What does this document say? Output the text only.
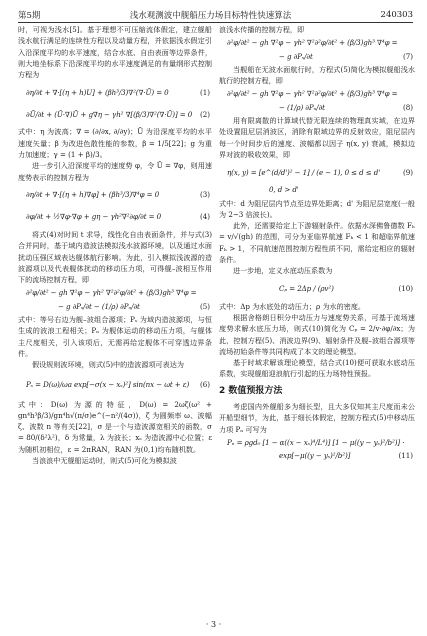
第5期	浅水观测波中舰船压力场目标特性快速算法	240303

时，可视为浅水[5]。基于理想不可压缩流体假定，建立舰船浅水航行满足的连续性方程以及动量方程，并依据浅水假定引入沿深度平均的水平速度，结合水底、自由表面等边界条件，则大地坐标系下沿深度平均的水平速度满足的有量纲形式控制方程为

∂η/∂t + ∇·[(η + h)U] + (βh³/3)∇²(∇·Ū) = 0	(1)
∂Ū/∂t + (Ū·∇)Ū + g∇η − γh² ∇[(β/3)∇²(∇·Ū)] = 0 (2)

式中：η 为波高；∇ = (∂/∂x, ∂/∂y)；Ū 为沿深度平均的水平速度矢量；β 为改进色散性能的参数，β = 1/5[22]；g 为重力加速度；γ = (1 + β)/3。

进一步引入沿深度平均的速度势 φ，令 Ū = ∇φ，则用速度势表示的控制方程为

∂η/∂t + ∇·[(η + h)∇φ] + (βh³/3)∇⁴φ = 0	(3)
∂φ/∂t + ½∇φ·∇φ + gη − γh²∇²∂φ/∂t = 0	(4)

将式(4)对时间 t 求导，线性化自由表面条件，并与式(3)合并同时，基于域内造波法模拟浅水波源环境，以及通过水面扰动压强区域表达舰体航行影响。为此，引入模拟浅波源的造波源项以及代表舰体扰动的移动压力项，可得舰–波相互作用下的流场控制方程，即

∂²φ/∂t² − gh ∇²φ − γh² ∇²∂²φ/∂t² + (β/3)gh³ ∇⁴φ =
− g ∂Pₛ/∂t − (1/ρ) ∂Pₙ/∂t	(5)

式中：等号右边为舰–波组合源项；Pₛ 为域内造波源项，与恒生成的波浪工程相关；Pₙ 为舰体运动的移动压力项，与舰体主尺度相关，引入该项后，无需再给定舰体不可穿透边界条件。

假设规则波环境，则式(5)中的造波源项可表达为

Pₛ = D(ω)/ωa exp[−σ(x − xₛ)²] sin(nx − ωt + ε) (6)

式中：D(ω) 为源的特征，D(ω) = 2ωζ(ω² + gn⁴h³β/3)/gn⁴h√(π/σ)e^(−n²/(4σ))，ζ 为圆频率 ω、波幅 ζ、波数 n 等有关[22]，σ 是一个与造波源宽相关的函数，σ = 80/(δ²λ²)，δ 为常量，λ 为波长；xₛ 为造波源中心位置；ε 为随机初相位，ε = 2πRAN，RAN 为(0,1)均布随机数。

当浪浪中无舰船运动时，则式(5)可化为模拟波

浪浅水传播的控制方程，即

∂²φ/∂t² − gh ∇²φ − γh² ∇²∂²φ/∂t² + (β/3)gh³ ∇⁴φ =
− g ∂Pₛ/∂t	(7)

当舰船在无波水面航行时，方程式(5)简化为模拟舰船浅水航行的控制方程，即

∂²φ/∂t² − gh ∇²φ − γh² ∇²∂²φ/∂t² + (β/3)gh³ ∇⁴φ =
− (1/ρ) ∂Pₙ/∂t	(8)

用有限离散的计算域代替无限连续的物理真实域，在边界处设置阻尼层消波区，消除有限域边界的反射效应，阻尼层内每一个时间步后的速度、波幅都以因子 η(x, y) 衰减，模拟边界对波的吸收效果，即

η(x, y) = [e^(d/d')² − 1] / (e − 1), 0 ≤ d ≤ d'	(9)
0, d > d'

式中：d 为阻尼层内节点至边界处距离；d' 为阻尼层宽度(一般为 2~3 倍波长)。

此外，还需要给定上下游辐射条件。依据水深佛鲁德数 Fₕ = v/√(gh) 的范围，可分为亚临界航速 Fₕ < 1 和超临界航速 Fₕ > 1，不同航速范围控制方程性质不同，需给定相应的辐射条件。

进一步地，定义水底动压系数为

Cₚ = 2Δp / (ρv²)	(10)

式中：Δp 为水底处的动压力；ρ 为水的密度。

根据舍格朗日积分中动压力与速度势关系，可基于流场速度势求解水底压力场，则式(10)简化为 Cₚ = 2/v·∂φ/∂x；为此，控制方程(5)、消波边界(9)、辐射条件及舰–波组合源项等流场初始条件等共同构成了本文的理论模型。

基于时域求解该理论模型，结合式(10)便可获取水底动压系数，实现舰船迎浪航行引起的压力场特性预报。

2 数值预报方法

考虑国内外舰船多为细长型，且大多仅知其主尺度而未公开船型细节，为此，基于细长体假定，控制方程式(5)中移动压力项 Pₙ 可写为

Pₙ = ρgd₀ [1 − α((x − xₛ)⁴/L⁴)] [1 − μ((y − yₛ)²/b²)] ·
exp[−μ((y − yₛ)²/b²)]	(11)
· 3 ·
